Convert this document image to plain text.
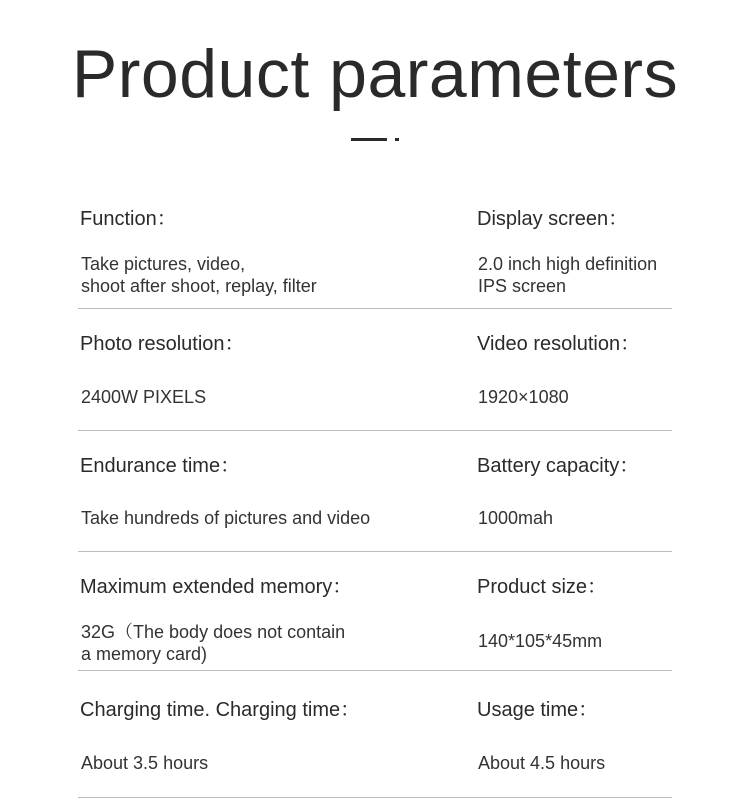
Product parameters
Function：
Take pictures, video,
shoot after shoot, replay, filter
Display screen：
2.0 inch high definition
IPS screen
Photo resolution：
2400W PIXELS
Video resolution：
1920×1080
Endurance time：
Take hundreds of pictures and video
Battery capacity：
1000mah
Maximum extended memory：
32G（The body does not contain
a memory card)
Product size：
140*105*45mm
Charging time. Charging time：
About 3.5 hours
Usage time：
About 4.5 hours
